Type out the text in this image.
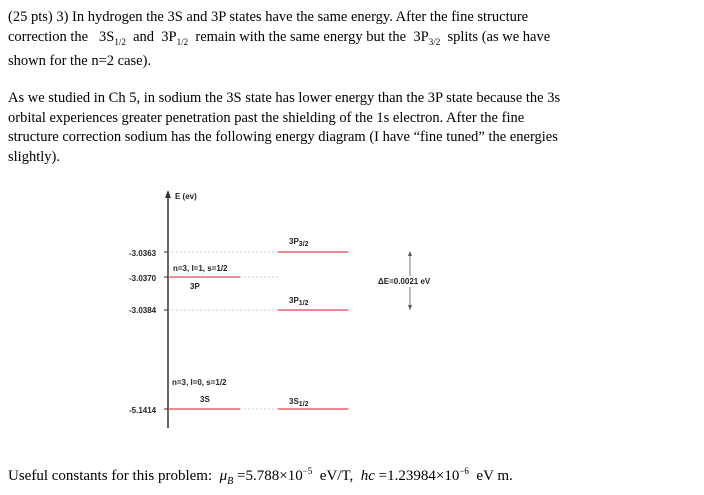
(25 pts) 3) In hydrogen the 3S and 3P states have the same energy. After the fine structure
correction the $3S_{1/2}$ and $3P_{1/2}$ remain with the same energy but the $3P_{3/2}$ splits (as we have
shown for the n=2 case).
As we studied in Ch 5, in sodium the 3S state has lower energy than the 3P state because the 3s
orbital experiences greater penetration past the shielding of the 1s electron. After the fine
structure correction sodium has the following energy diagram (I have “fine tuned” the energies
slightly).
E (ev)
-3.0363
-3.0370
-3.0384
-5.1414
n=3, l=1, s=1/2
3P
3P3/2
3P1/2
n=3, l=0, s=1/2
3S	3S1/2
ΔE=0.0021 eV
Useful constants for this problem: $\mu_B =5.788\times 10^{-5}$ eV/T, hc $=1.23984\times 10^{-6}$ eV m.
